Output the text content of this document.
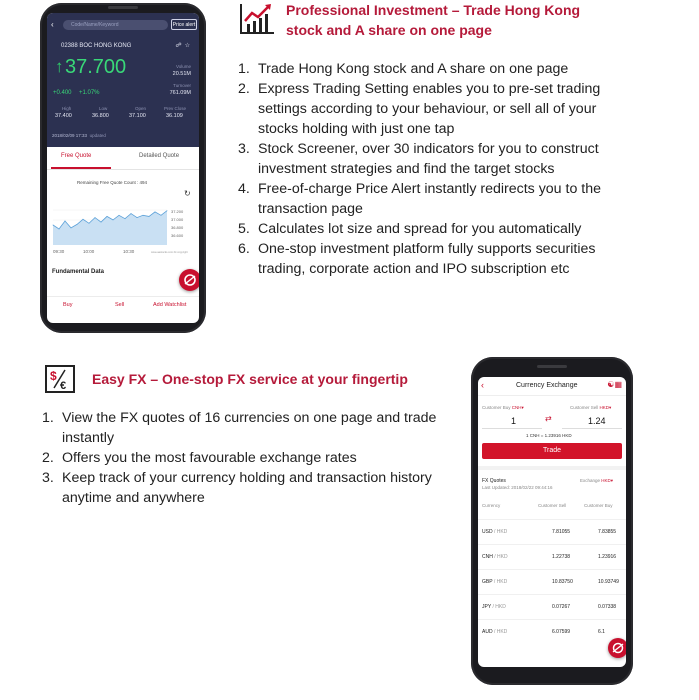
Professional Investment – Trade Hong Kong
stock and A share on one page
1. Trade Hong Kong stock and A share on one page
2. Express Trading Setting enables you to pre-set trading settings according to your behaviour, or sell all of your stocks holding with just one tap
3. Stock Screener, over 30 indicators for you to construct investment strategies and find the target stocks
4. Free-of-charge Price Alert instantly redirects you to the transaction page
5. Calculates lot size and spread for you automatically
6. One-stop investment platform fully supports securities trading, corporate action and IPO subscription etc
‹	Code/Name/Keyword	Price alert
02388 BOC HONG KONG	☍☆
↑ 37.700	Volume
20.51M
Turnover
761.09M
+0.400 +1.07%
High
37.400
Low
36.800
Open
37.100
Prev Close
36.109
2018/02/09 17:33 updated
Free Quote	Detailed Quote
Remaining Free Quote Count : 494
↻
37.200
37.000
36.800
36.600
09:30	10:00	10:30	www.aastocks.com.hk copyright
Fundamental Data
Buy	Sell	Add Watchlist
$
€ Easy FX – One-stop FX service at your fingertip
1. View the FX quotes of 16 currencies on one page and trade instantly
2. Offers you the most favourable exchange rates
3. Keep track of your currency holding and transaction history anytime and anywhere
‹	Currency Exchange	☯▦
Customer Buy CNH▾	Customer Sell HKD▾
1	⇄	1.24
1 CNH = 1.23916 HKD
Trade
FX Quotes
Last Updated: 2018/02/22 09:44:16
Exchange HKD▾
Currency	Customer Sell	Customer Buy
USD / HKD	7.81055	7.83855
CNH / HKD	1.22738	1.23916
GBP / HKD	10.83750	10.93749
JPY / HKD	0.07267	0.07338
AUD / HKD	6.07599	6.1
